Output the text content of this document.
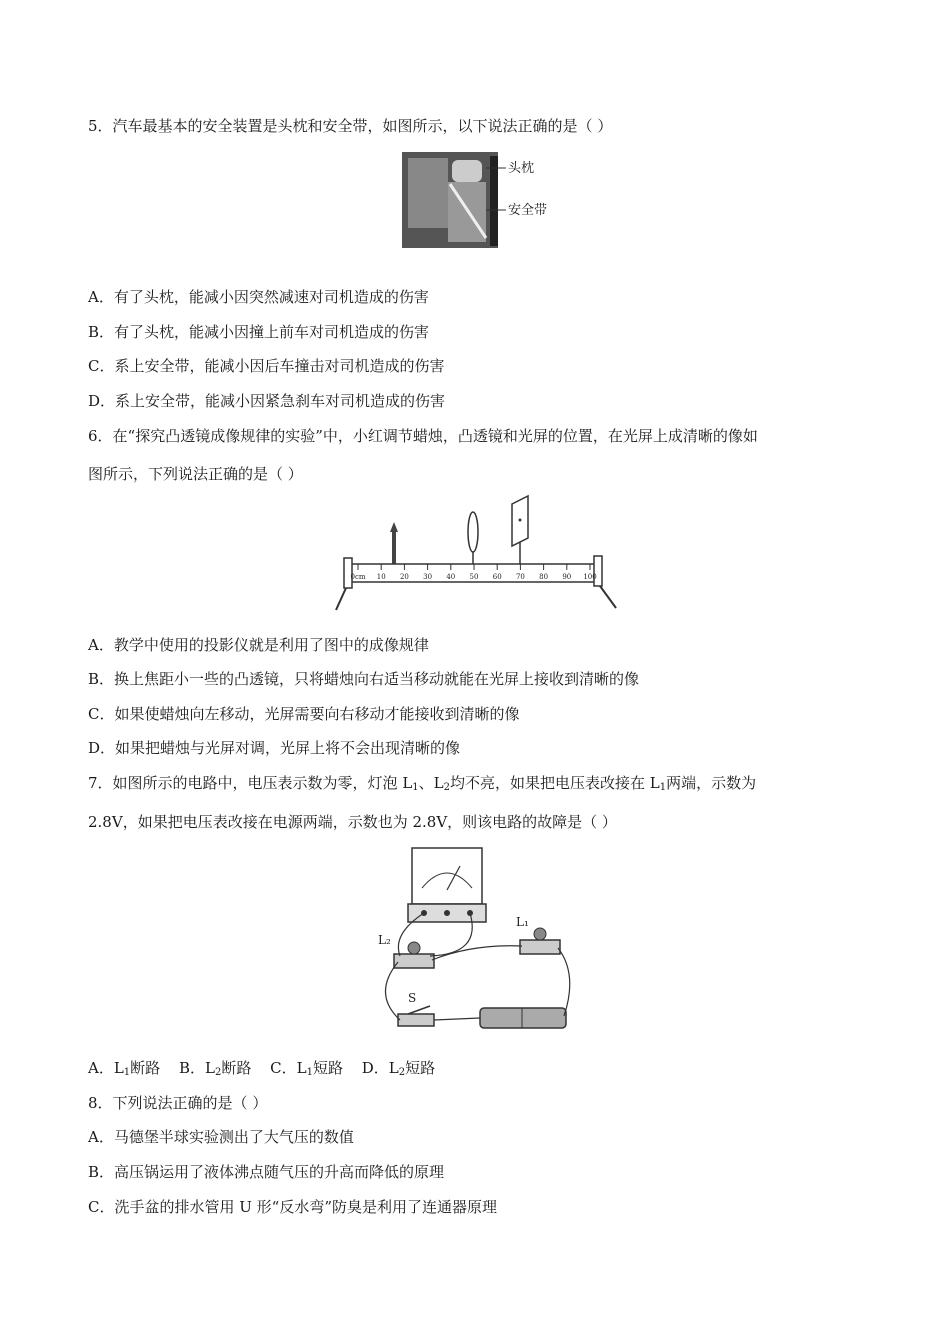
5．汽车最基本的安全装置是头枕和安全带，如图所示，以下说法正确的是（ ）
头枕
安全带
A．有了头枕，能减小因突然减速对司机造成的伤害
B．有了头枕，能减小因撞上前车对司机造成的伤害
C．系上安全带，能减小因后车撞击对司机造成的伤害
D．系上安全带，能减小因紧急刹车对司机造成的伤害
6．在“探究凸透镜成像规律的实验”中，小红调节蜡烛，凸透镜和光屏的位置，在光屏上成清晰的像如
图所示，下列说法正确的是（ ）
0cm 10 20 30 40 50 60 70 80 90 100
A．教学中使用的投影仪就是利用了图中的成像规律
B．换上焦距小一些的凸透镜，只将蜡烛向右适当移动就能在光屏上接收到清晰的像
C．如果使蜡烛向左移动，光屏需要向右移动才能接收到清晰的像
D．如果把蜡烛与光屏对调，光屏上将不会出现清晰的像
7．如图所示的电路中，电压表示数为零，灯泡 $L_1$、$L_2$均不亮，如果把电压表改接在 $L_1$两端，示数为
2.8V，如果把电压表改接在电源两端，示数也为 2.8V，则该电路的故障是（ ）
L₂
L₁
S
A．$L_1$断路 B．$L_2$断路 C．$L_1$短路 D．$L_2$短路
8．下列说法正确的是（ ）
A．马德堡半球实验测出了大气压的数值
B．高压锅运用了液体沸点随气压的升高而降低的原理
C．洗手盆的排水管用 U 形“反水弯”防臭是利用了连通器原理
